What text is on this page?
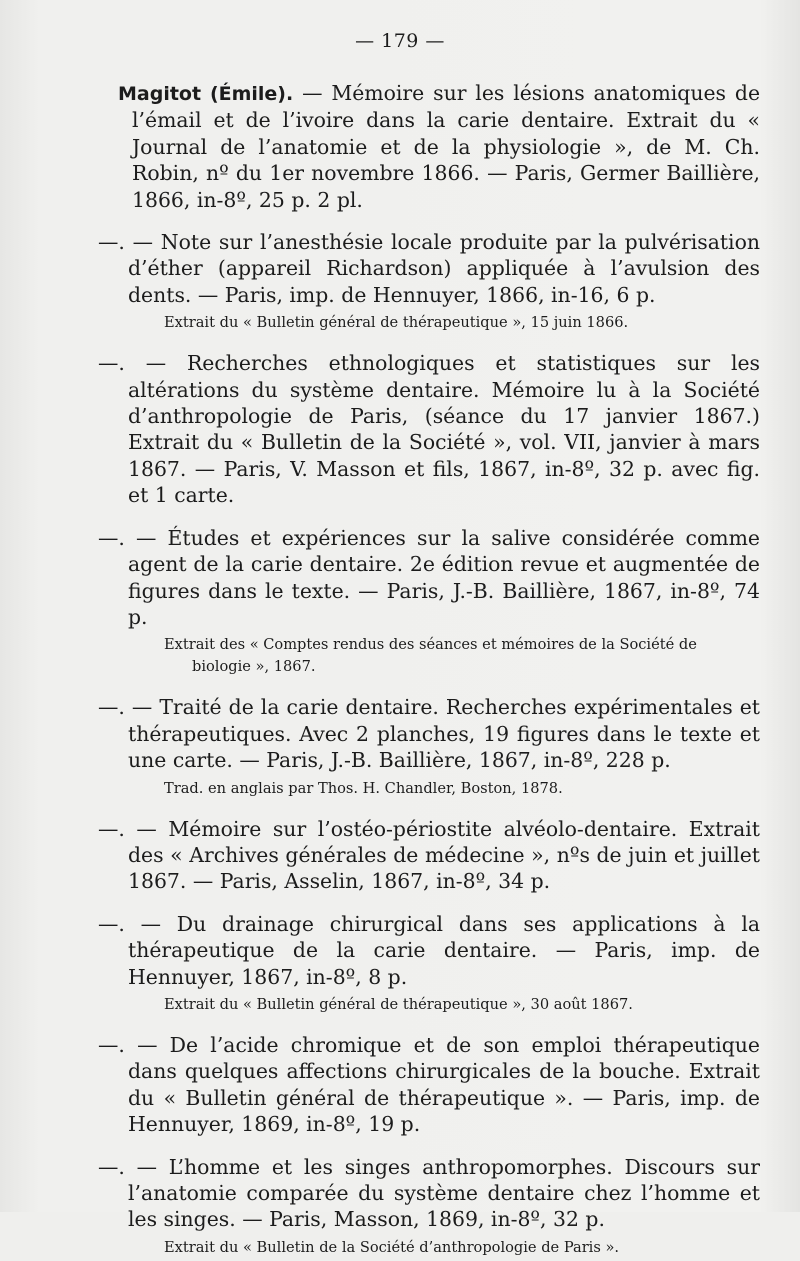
— 179 —
Magitot (Émile). — Mémoire sur les lésions anatomiques de l’émail et de l’ivoire dans la carie dentaire. Extrait du « Journal de l’anatomie et de la physiologie », de M. Ch. Robin, nº du 1er novembre 1866. — Paris, Germer Baillière, 1866, in-8º, 25 p. 2 pl.
—. — Note sur l’anesthésie locale produite par la pulvérisation d’éther (appareil Richardson) appliquée à l’avulsion des dents. — Paris, imp. de Hennuyer, 1866, in-16, 6 p.
Extrait du « Bulletin général de thérapeutique », 15 juin 1866.
—. — Recherches ethnologiques et statistiques sur les altérations du système dentaire. Mémoire lu à la Société d’anthropologie de Paris, (séance du 17 janvier 1867.) Extrait du « Bulletin de la Société », vol. VII, janvier à mars 1867. — Paris, V. Masson et fils, 1867, in-8º, 32 p. avec fig. et 1 carte.
—. — Études et expériences sur la salive considérée comme agent de la carie dentaire. 2e édition revue et augmentée de figures dans le texte. — Paris, J.-B. Baillière, 1867, in-8º, 74 p.
Extrait des « Comptes rendus des séances et mémoires de la Société de biologie », 1867.
—. — Traité de la carie dentaire. Recherches expérimentales et thérapeutiques. Avec 2 planches, 19 figures dans le texte et une carte. — Paris, J.-B. Baillière, 1867, in-8º, 228 p.
Trad. en anglais par Thos. H. Chandler, Boston, 1878.
—. — Mémoire sur l’ostéo-périostite alvéolo-dentaire. Extrait des « Archives générales de médecine », nºs de juin et juillet 1867. — Paris, Asselin, 1867, in-8º, 34 p.
—. — Du drainage chirurgical dans ses applications à la thérapeutique de la carie dentaire. — Paris, imp. de Hennuyer, 1867, in-8º, 8 p.
Extrait du « Bulletin général de thérapeutique », 30 août 1867.
—. — De l’acide chromique et de son emploi thérapeutique dans quelques affections chirurgicales de la bouche. Extrait du « Bulletin général de thérapeutique ». — Paris, imp. de Hennuyer, 1869, in-8º, 19 p.
—. — L’homme et les singes anthropomorphes. Discours sur l’anatomie comparée du système dentaire chez l’homme et les singes. — Paris, Masson, 1869, in-8º, 32 p.
Extrait du « Bulletin de la Société d’anthropologie de Paris ».
